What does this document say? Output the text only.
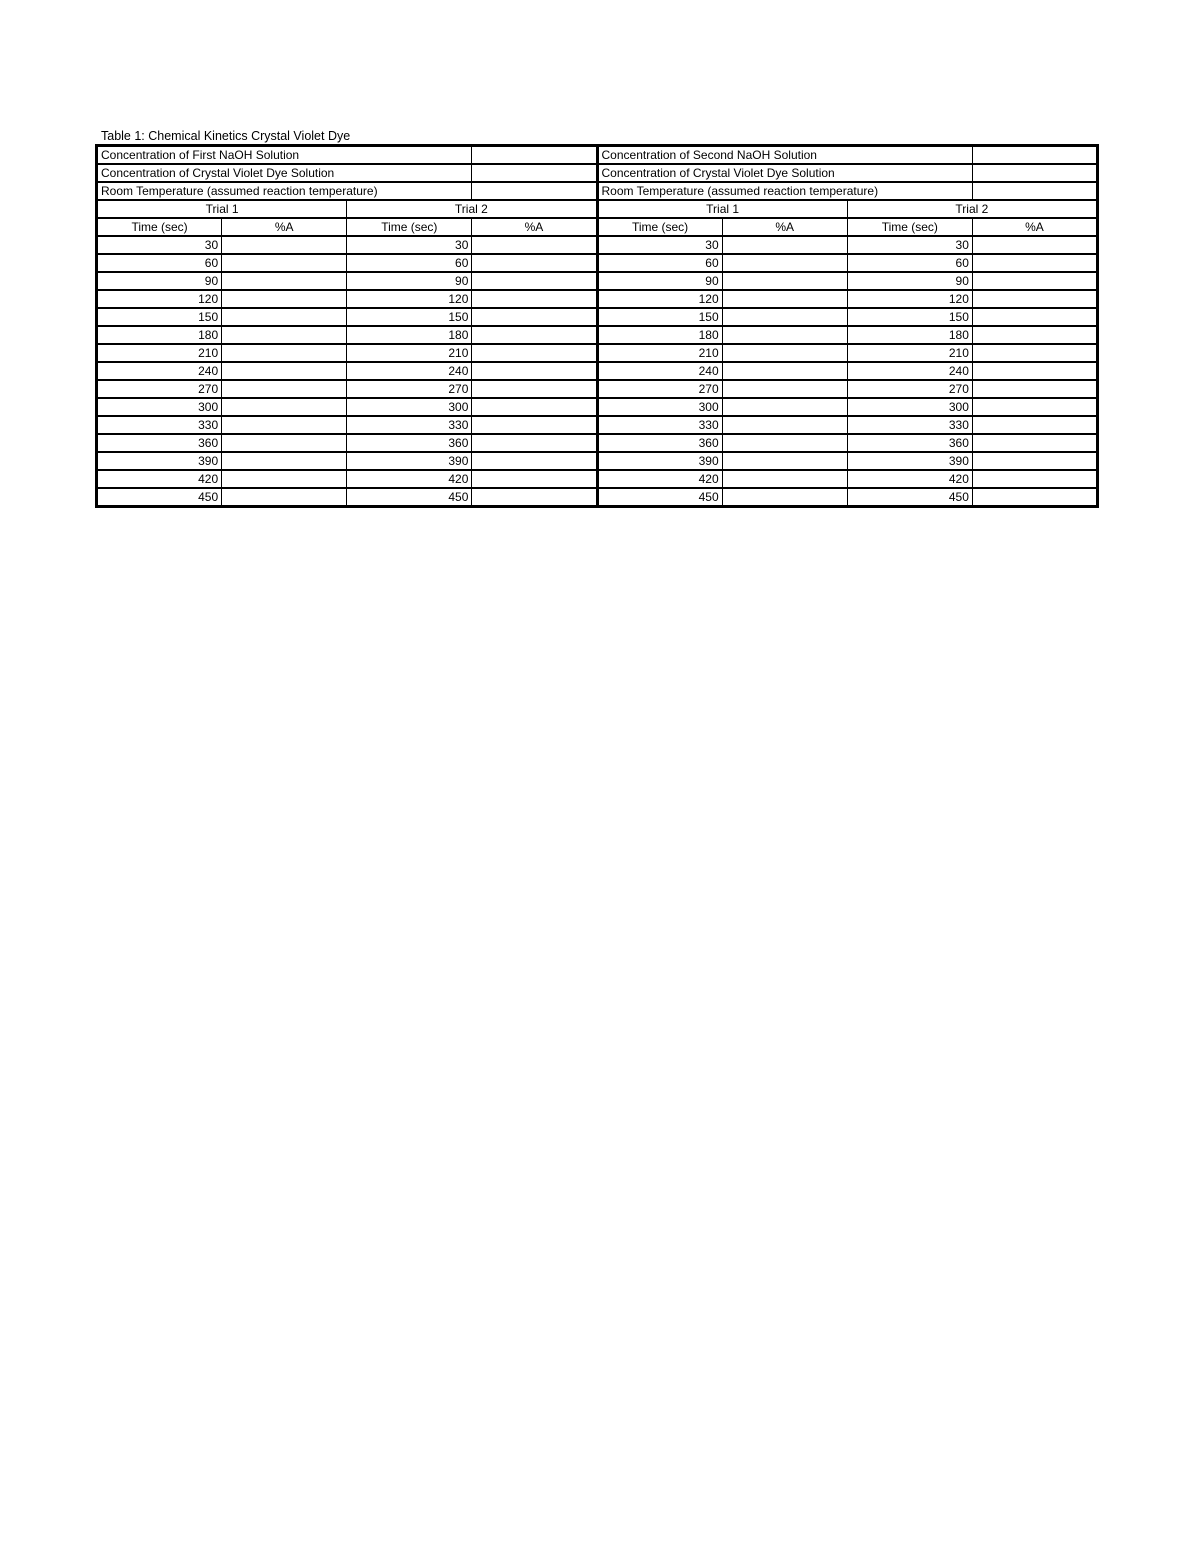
Table 1: Chemical Kinetics Crystal Violet Dye
Concentration of First NaOH Solution				Concentration of Second NaOH Solution			
Concentration of Crystal Violet Dye Solution				Concentration of Crystal Violet Dye Solution			
Room Temperature (assumed reaction temperature)				Room Temperature (assumed reaction temperature)			
Trial 1		Trial 2		Trial 1		Trial 2	
Time (sec)	%A	Time (sec)	%A	Time (sec)	%A	Time (sec)	%A
30		30		30		30	
60		60		60		60	
90		90		90		90	
120		120		120		120	
150		150		150		150	
180		180		180		180	
210		210		210		210	
240		240		240		240	
270		270		270		270	
300		300		300		300	
330		330		330		330	
360		360		360		360	
390		390		390		390	
420		420		420		420	
450		450		450		450	
